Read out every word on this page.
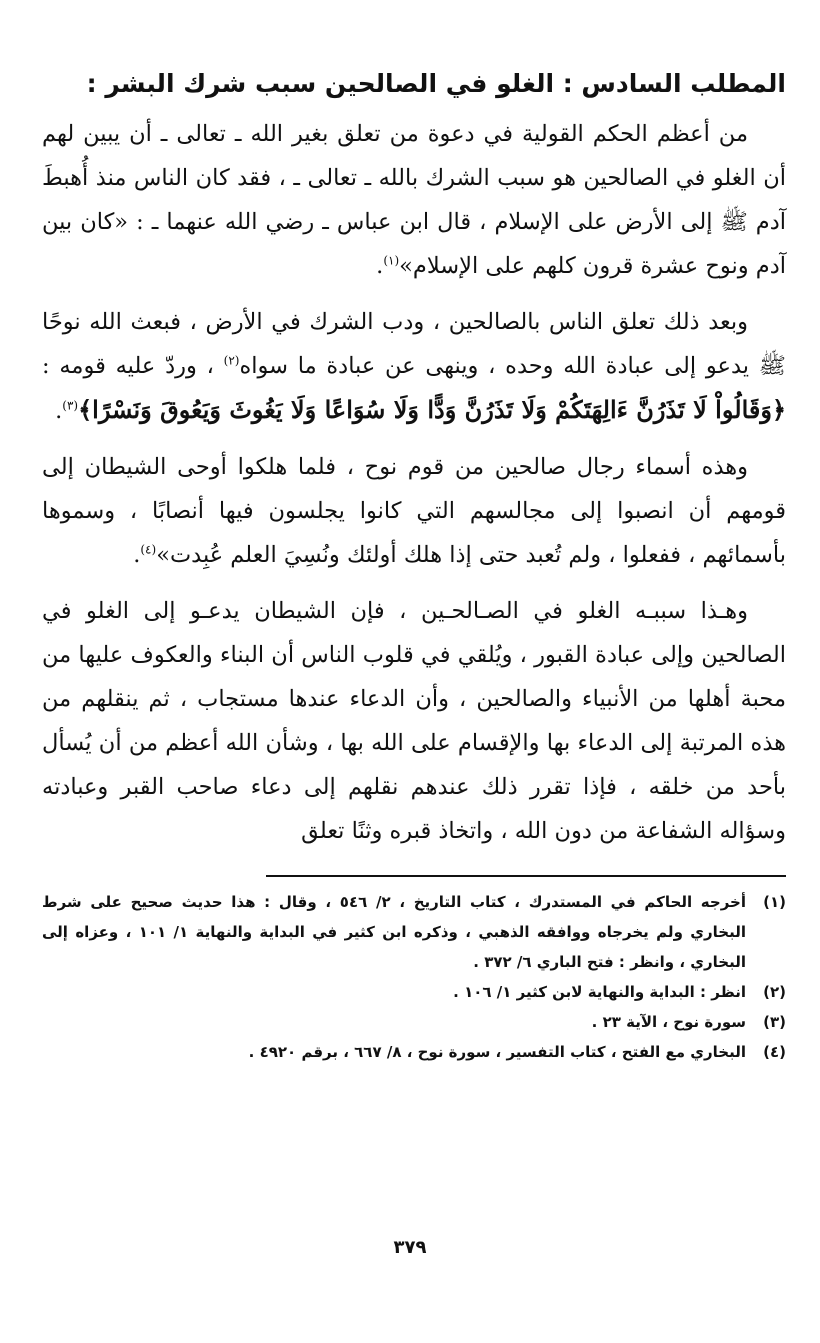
المطلب السادس : الغلو في الصالحين سبب شرك البشر :

من أعظم الحكم القولية في دعوة من تعلق بغير الله ـ تعالى ـ أن يبين لهم أن الغلو في الصالحين هو سبب الشرك بالله ـ تعالى ـ ، فقد كان الناس منذ أُهبطَ آدم ﷺ إلى الأرض على الإسلام ، قال ابن عباس ـ رضي الله عنهما ـ : «كان بين آدم ونوح عشرة قرون كلهم على الإسلام»$^{(١)}$.

وبعد ذلك تعلق الناس بالصالحين ، ودب الشرك في الأرض ، فبعث الله نوحًا ﷺ يدعو إلى عبادة الله وحده ، وينهى عن عبادة ما سواه$^{(٢)}$ ، وردّ عليه قومه : ﴿وَقَالُواْ لَا تَذَرُنَّ ءَالِهَتَكُمْ وَلَا تَذَرُنَّ وَدًّا وَلَا سُوَاعًا وَلَا يَغُوثَ وَيَعُوقَ وَنَسْرًا﴾$^{(٣)}$.

وهذه أسماء رجال صالحين من قوم نوح ، فلما هلكوا أوحى الشيطان إلى قومهم أن انصبوا إلى مجالسهم التي كانوا يجلسون فيها أنصابًا ، وسموها بأسمائهم ، ففعلوا ، ولم تُعبد حتى إذا هلك أولئك ونُسِيَ العلم عُبِدت»$^{(٤)}$.

وهـذا سببـه الغلو في الصـالحـين ، فإن الشيطان يدعـو إلى الغلو في الصالحين وإلى عبادة القبور ، ويُلقي في قلوب الناس أن البناء والعكوف عليها من محبة أهلها من الأنبياء والصالحين ، وأن الدعاء عندها مستجاب ، ثم ينقلهم من هذه المرتبة إلى الدعاء بها والإقسام على الله بها ، وشأن الله أعظم من أن يُسأل بأحد من خلقه ، فإذا تقرر ذلك عندهم نقلهم إلى دعاء صاحب القبر وعبادته وسؤاله الشفاعة من دون الله ، واتخاذ قبره وثنًا تعلق

(١)
أخرجه الحاكم في المستدرك ، كتاب التاريخ ، ٢/ ٥٤٦ ، وقال : هذا حديث صحيح على شرط البخاري ولم يخرجاه ووافقه الذهبي ، وذكره ابن كثير في البداية والنهاية ١/ ١٠١ ، وعزاه إلى البخاري ، وانظر : فتح الباري ٦/ ٣٧٢ .
(٢)
انظر : البداية والنهاية لابن كثير ١/ ١٠٦ .
(٣)
سورة نوح ، الآية ٢٣ .
(٤)
البخاري مع الفتح ، كتاب التفسير ، سورة نوح ، ٨/ ٦٦٧ ، برقم ٤٩٢٠ .
٣٧٩
